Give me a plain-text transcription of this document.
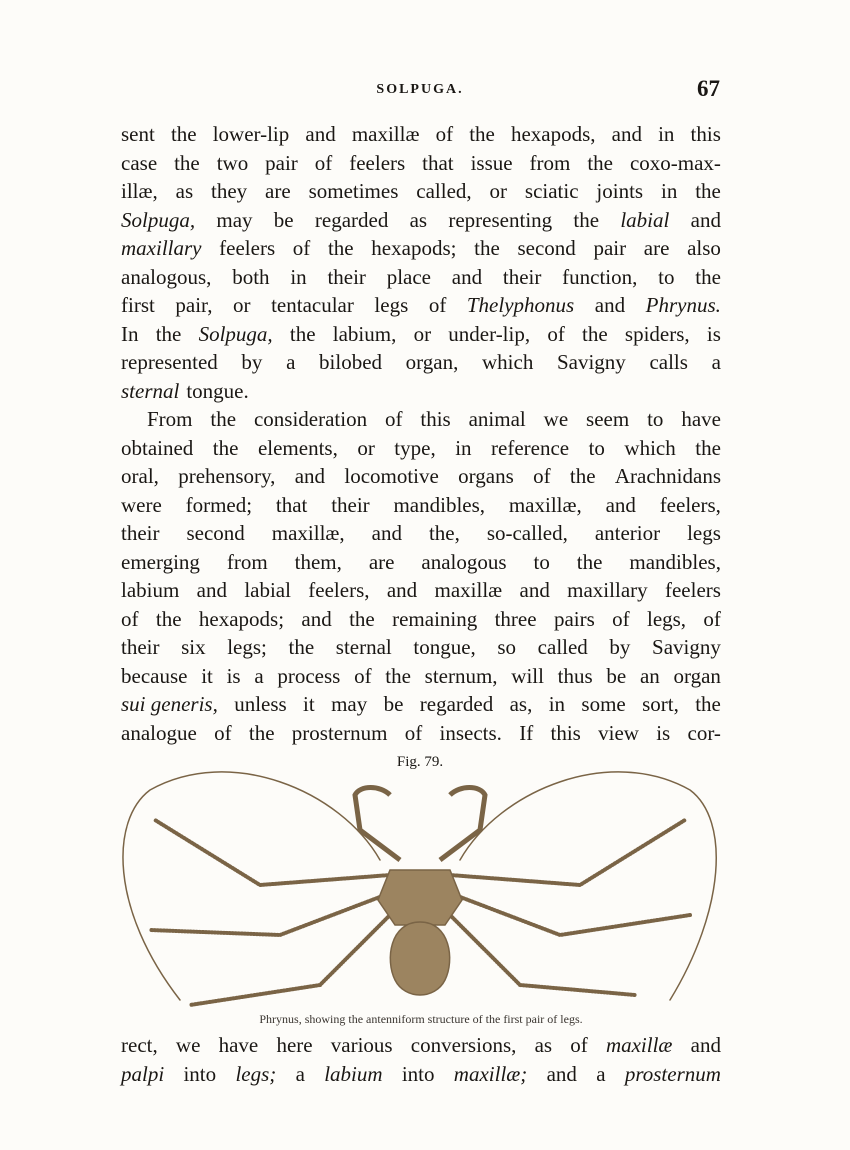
SOLPUGA.	67
sent the lower-lip and maxillæ of the hexapods, and in this
case the two pair of feelers that issue from the coxo-max-
illæ, as they are sometimes called, or sciatic joints in the
Solpuga, may be regarded as representing the labial and
maxillary feelers of the hexapods; the second pair are also
analogous, both in their place and their function, to the
first pair, or tentacular legs of Thelyphonus and Phrynus.
In the Solpuga, the labium, or under-lip, of the spiders, is
represented by a bilobed organ, which Savigny calls a
sternal tongue.
From the consideration of this animal we seem to have
obtained the elements, or type, in reference to which the
oral, prehensory, and locomotive organs of the Arachnidans
were formed; that their mandibles, maxillæ, and feelers,
their second maxillæ, and the, so-called, anterior legs
emerging from them, are analogous to the mandibles,
labium and labial feelers, and maxillæ and maxillary feelers
of the hexapods; and the remaining three pairs of legs, of
their six legs; the sternal tongue, so called by Savigny
because it is a process of the sternum, will thus be an organ
sui generis, unless it may be regarded as, in some sort, the
analogue of the prosternum of insects. If this view is cor-
Fig. 79.
Phrynus, showing the antenniform structure of the first pair of legs.
rect, we have here various conversions, as of maxillæ and
palpi into legs; a labium into maxillæ; and a prosternum
